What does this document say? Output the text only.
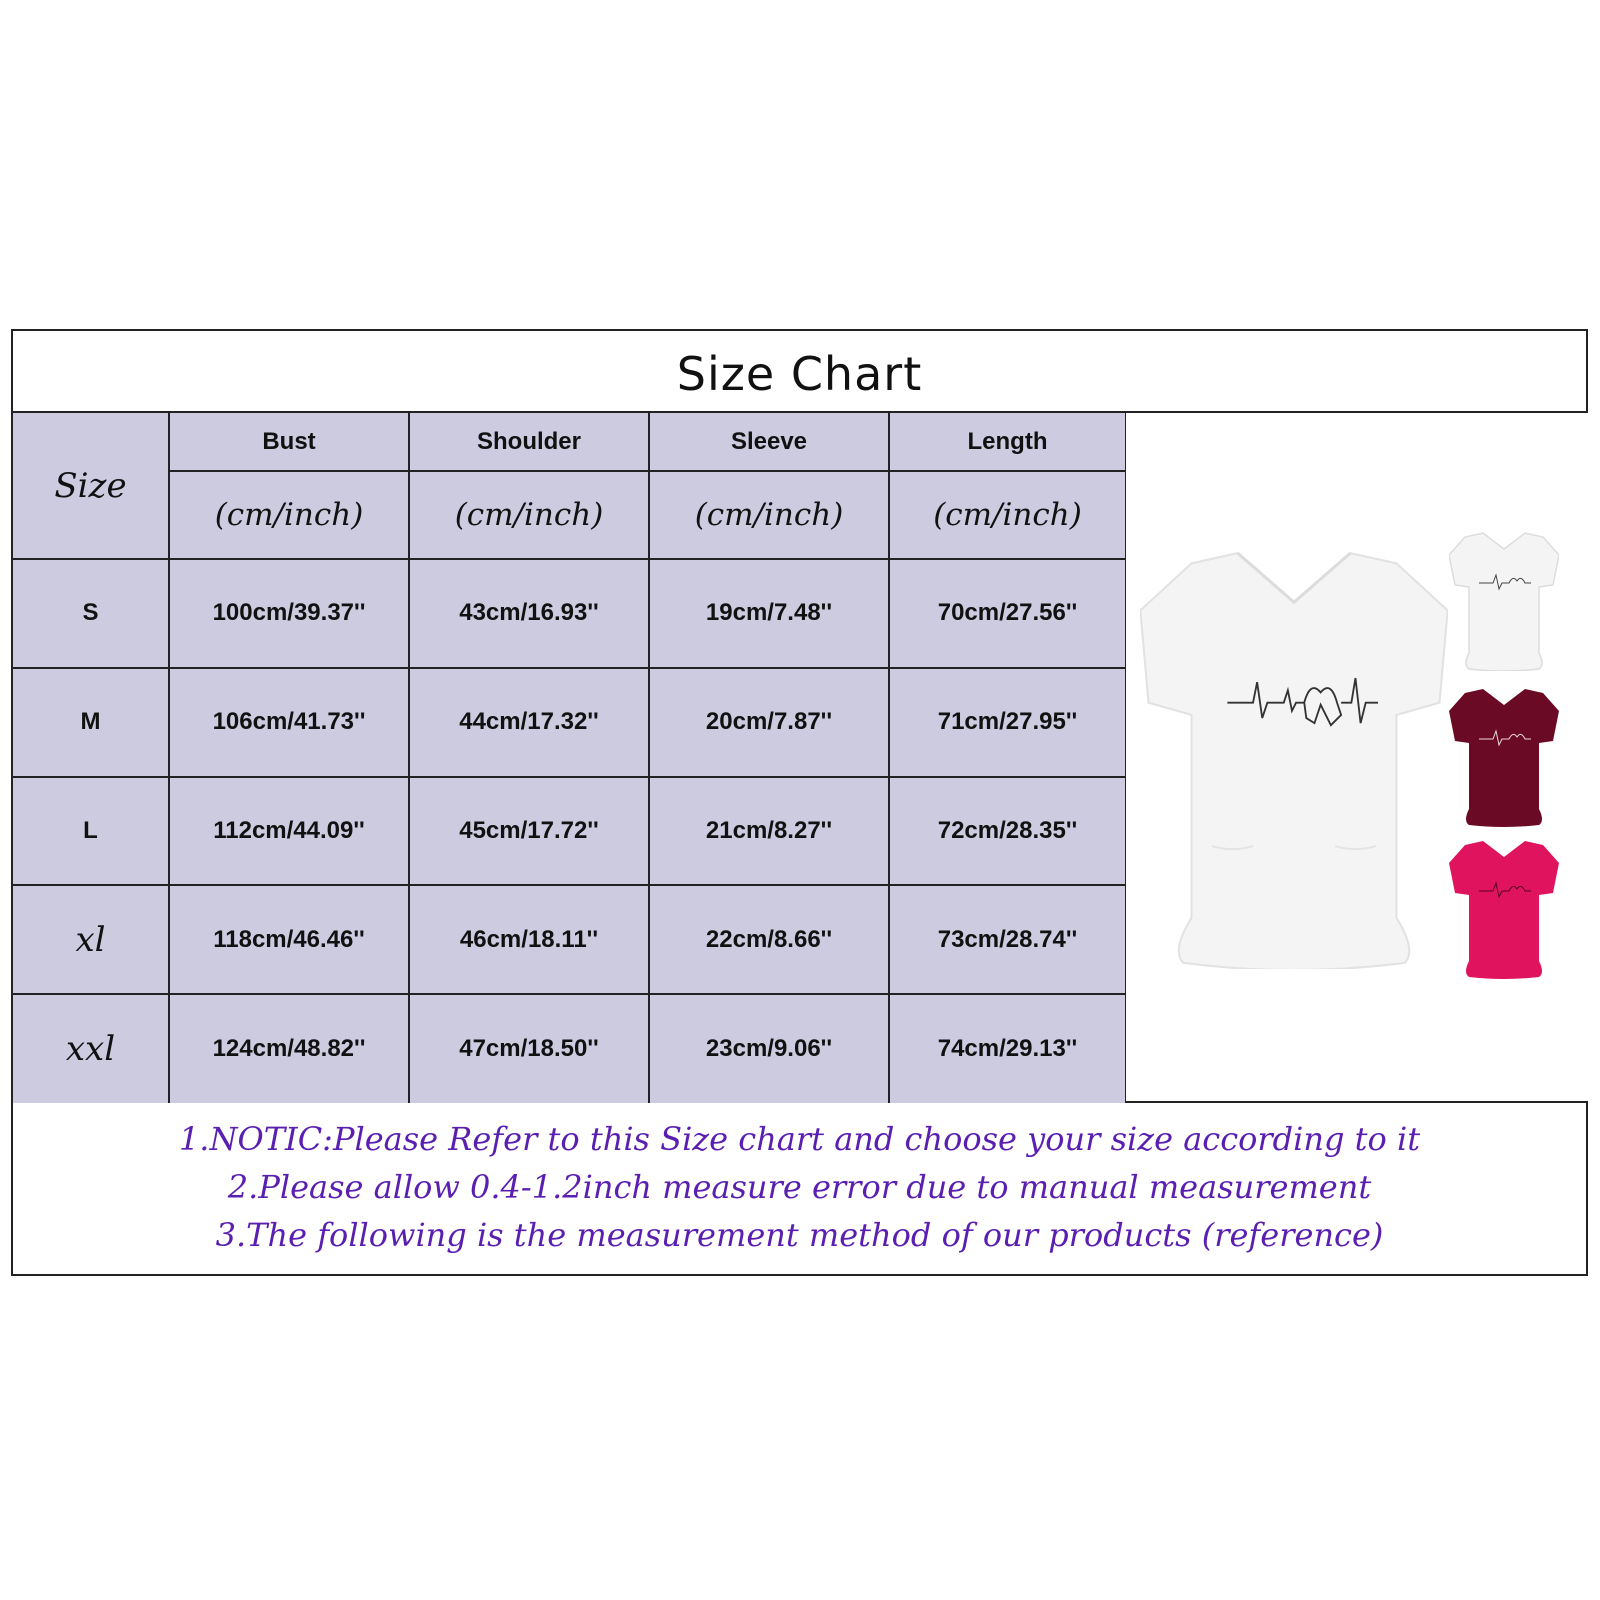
Size Chart
Size	Bust	Shoulder	Sleeve	Length
	(cm/inch)	(cm/inch)	(cm/inch)	(cm/inch)
S	100cm/39.37''	43cm/16.93''	19cm/7.48''	70cm/27.56''
M	106cm/41.73''	44cm/17.32''	20cm/7.87''	71cm/27.95''
L	112cm/44.09''	45cm/17.72''	21cm/8.27''	72cm/28.35''
xl	118cm/46.46''	46cm/18.11''	22cm/8.66''	73cm/28.74''
xxl	124cm/48.82''	47cm/18.50''	23cm/9.06''	74cm/29.13''
1.NOTIC:Please Refer to this Size chart and choose your size according to it
2.Please allow 0.4-1.2inch measure error due to manual measurement
3.The following is the measurement method of our products (reference)
